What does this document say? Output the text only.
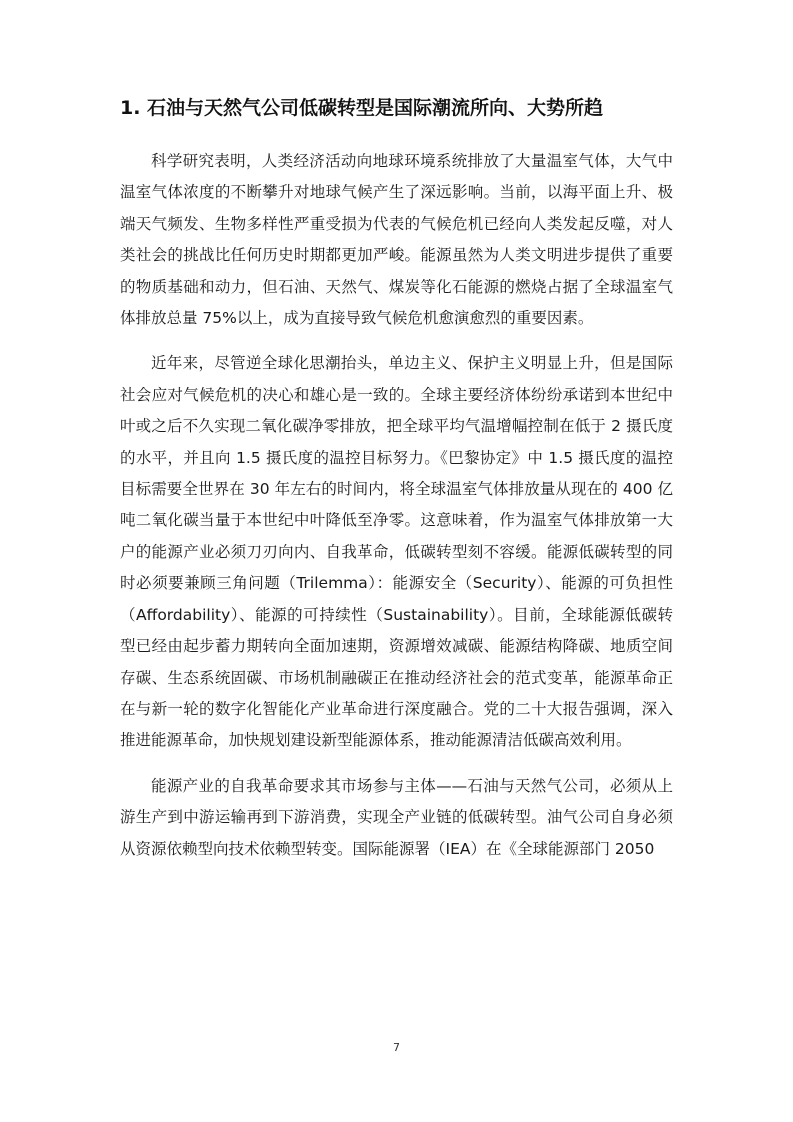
1. 石油与天然气公司低碳转型是国际潮流所向、大势所趋

科学研究表明，人类经济活动向地球环境系统排放了大量温室气体，大气中温室气体浓度的不断攀升对地球气候产生了深远影响。当前，以海平面上升、极端天气频发、生物多样性严重受损为代表的气候危机已经向人类发起反噬，对人类社会的挑战比任何历史时期都更加严峻。能源虽然为人类文明进步提供了重要的物质基础和动力，但石油、天然气、煤炭等化石能源的燃烧占据了全球温室气体排放总量 75%以上，成为直接导致气候危机愈演愈烈的重要因素。

近年来，尽管逆全球化思潮抬头，单边主义、保护主义明显上升，但是国际社会应对气候危机的决心和雄心是一致的。全球主要经济体纷纷承诺到本世纪中叶或之后不久实现二氧化碳净零排放，把全球平均气温增幅控制在低于 2 摄氏度的水平，并且向 1.5 摄氏度的温控目标努力。《巴黎协定》中 1.5 摄氏度的温控目标需要全世界在 30 年左右的时间内，将全球温室气体排放量从现在的 400 亿吨二氧化碳当量于本世纪中叶降低至净零。这意味着，作为温室气体排放第一大户的能源产业必须刀刃向内、自我革命，低碳转型刻不容缓。能源低碳转型的同时必须要兼顾三角问题（Trilemma）：能源安全（Security）、能源的可负担性（Affordability）、能源的可持续性（Sustainability）。目前，全球能源低碳转型已经由起步蓄力期转向全面加速期，资源增效减碳、能源结构降碳、地质空间存碳、生态系统固碳、市场机制融碳正在推动经济社会的范式变革，能源革命正在与新一轮的数字化智能化产业革命进行深度融合。党的二十大报告强调，深入推进能源革命，加快规划建设新型能源体系，推动能源清洁低碳高效利用。

能源产业的自我革命要求其市场参与主体——石油与天然气公司，必须从上游生产到中游运输再到下游消费，实现全产业链的低碳转型。油气公司自身必须从资源依赖型向技术依赖型转变。国际能源署（IEA）在《全球能源部门 2050

7
